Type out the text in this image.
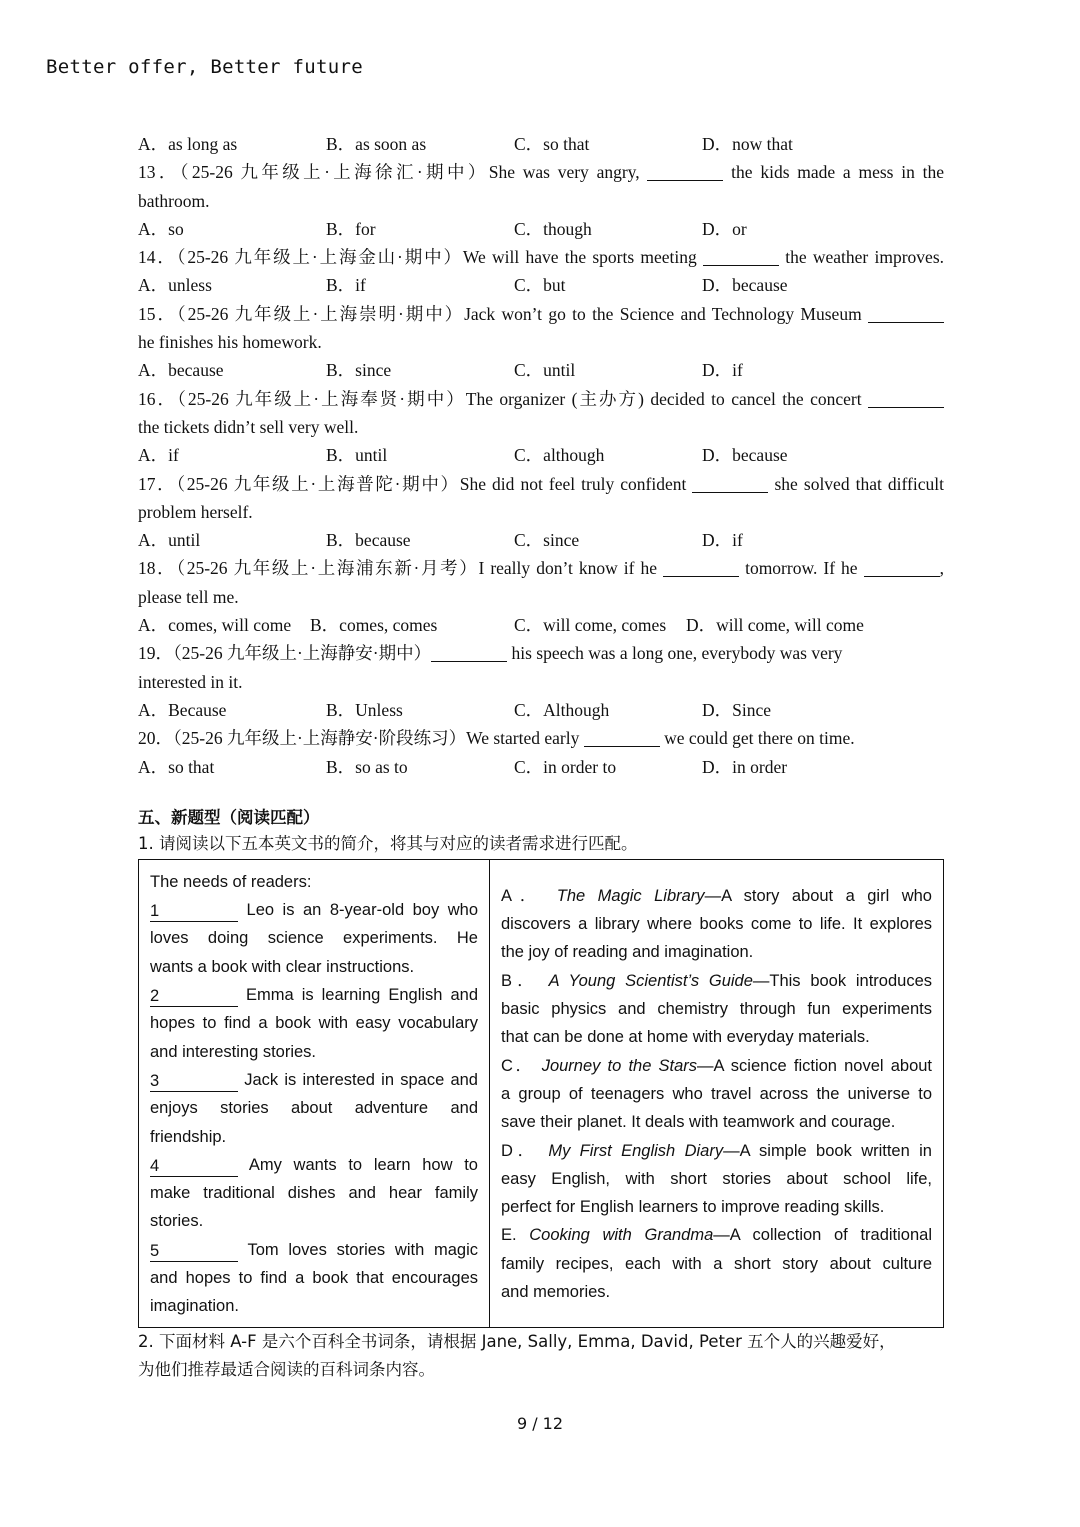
Better offer, Better future
A．as long as	B．as soon as	C．so that	D．now that
13．（25-26 九年级上·上海徐汇·期中）She was very angry,	the kids made a mess in the
bathroom.
A．so	B．for	C．though	D．or
14．（25-26 九年级上·上海金山·期中）We will have the sports meeting	the weather improves.
A．unless	B．if	C．but	D．because
15．（25-26 九年级上·上海崇明·期中）Jack won’t go to the Science and Technology Museum
he finishes his homework.
A．because	B．since	C．until	D．if
16．（25-26 九年级上·上海奉贤·期中）The organizer (主办方) decided to cancel the concert
the tickets didn’t sell very well.
A．if	B．until	C．although	D．because
17．（25-26 九年级上·上海普陀·期中）She did not feel truly confident	she solved that difficult
problem herself.
A．until	B．because	C．since	D．if
18．（25-26 九年级上·上海浦东新·月考）I really don’t know if he	tomorrow. If he	,
please tell me.
A．comes, will come B．comes, comes	C．will come, comes D．will come, will come
19．（25-26 九年级上·上海静安·期中）	his speech was a long one, everybody was very
interested in it.
A．Because	B．Unless	C．Although	D．Since
20．（25-26 九年级上·上海静安·阶段练习）We started early	we could get there on time.
A．so that	B．so as to	C．in order to	D．in order
五、新题型（阅读匹配）
1. 请阅读以下五本英文书的简介，将其与对应的读者需求进行匹配。
The needs of readers:
1	Leo is an 8-year-old boy who
loves doing science experiments. He
wants a book with clear instructions.
2	Emma is learning English and
hopes to find a book with easy vocabulary
and interesting stories.
3	Jack is interested in space and
enjoys stories about adventure and
friendship.
4	Amy wants to learn how to
make traditional dishes and hear family
stories.
5	Tom loves stories with magic
and hopes to find a book that encourages
imagination.

A． The Magic Library—A story about a girl who
discovers a library where books come to life. It explores
the joy of reading and imagination.
B． A Young Scientist’s Guide—This book introduces
basic physics and chemistry through fun experiments
that can be done at home with everyday materials.
C． Journey to the Stars—A science fiction novel about
a group of teenagers who travel across the universe to
save their planet. It deals with teamwork and courage.
D． My First English Diary—A simple book written in
easy English, with short stories about school life,
perfect for English learners to improve reading skills.
E. Cooking with Grandma—A collection of traditional
family recipes, each with a short story about culture
and memories.
2. 下面材料 A-F 是六个百科全书词条，请根据 Jane, Sally, Emma, David, Peter 五个人的兴趣爱好，
为他们推荐最适合阅读的百科词条内容。
9 / 12
